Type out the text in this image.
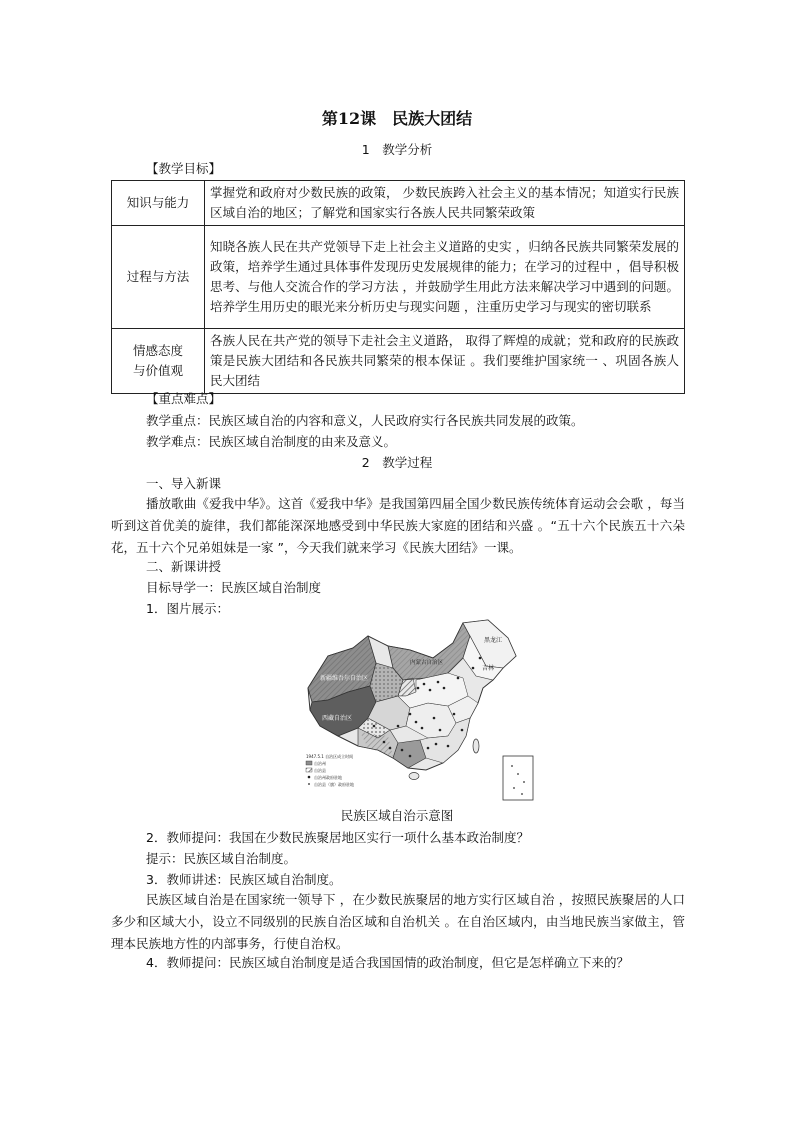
第12课　民族大团结
1　教学分析
【教学目标】
知识与能力	掌握党和政府对少数民族的政策， 少数民族跨入社会主义的基本情况；知道实行民族区域自治的地区；了解党和国家实行各族人民共同繁荣政策
过程与方法	知晓各族人民在共产党领导下走上社会主义道路的史实 ，归纳各民族共同繁荣发展的政策，培养学生通过具体事件发现历史发展规律的能力；在学习的过程中 ，倡导积极思考、与他人交流合作的学习方法 ，并鼓励学生用此方法来解决学习中遇到的问题。培养学生用历史的眼光来分析历史与现实问题 ，注重历史学习与现实的密切联系
情感态度
与价值观	各族人民在共产党的领导下走社会主义道路， 取得了辉煌的成就；党和政府的民族政策是民族大团结和各民族共同繁荣的根本保证 。我们要维护国家统一 、巩固各族人民大团结
【重点难点】
教学重点：民族区域自治的内容和意义，人民政府实行各民族共同发展的政策。
教学难点：民族区域自治制度的由来及意义。
2　教学过程
一、导入新课
播放歌曲《爱我中华》。这首《爱我中华》是我国第四届全国少数民族传统体育运动会会歌 ，每当听到这首优美的旋律，我们都能深深地感受到中华民族大家庭的团结和兴盛 。“五十六个民族五十六朵花，五十六个兄弟姐妹是一家 ”，今天我们就来学习《民族大团结》一课。
二、新课讲授
目标导学一：民族区域自治制度
1．图片展示：
新疆维吾尔自治区
西藏自治区
内蒙古自治区
黑龙江
吉林
1947.5.1 自治区成立时间
自治州
自治县
自治州政府驻地
自治县（旗）政府驻地
民族区域自治示意图
2．教师提问：我国在少数民族聚居地区实行一项什么基本政治制度？
提示：民族区域自治制度。
3．教师讲述：民族区域自治制度。
民族区域自治是在国家统一领导下 ，在少数民族聚居的地方实行区域自治 ，按照民族聚居的人口多少和区域大小，设立不同级别的民族自治区域和自治机关 。在自治区域内，由当地民族当家做主，管理本民族地方性的内部事务，行使自治权。
4．教师提问：民族区域自治制度是适合我国国情的政治制度，但它是怎样确立下来的？
